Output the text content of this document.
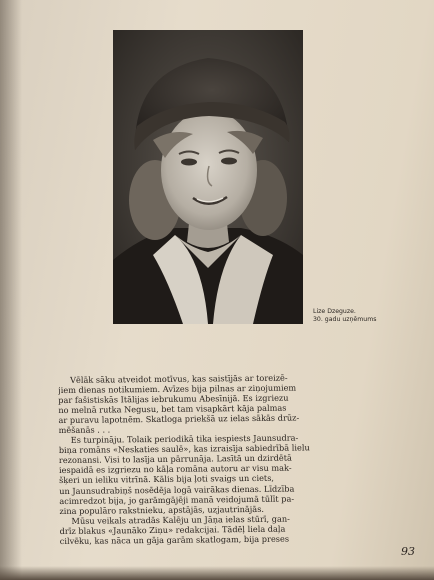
Lize Dzeguze.
30. gadu uzņēmums
Vēlāk sāku atveidot motīvus, kas saistījās ar toreizē-
jiem dienas notikumiem. Avīzes bija pilnas ar ziņojumiem
par fašistiskās Itālijas iebrukumu Abesīnijā. Es izgriezu
no melnā rutka Negusu, bet tam visapkārt kāja palmas
ar puravu lapotnēm. Skatloga priekšā uz ielas sākās drūz-
mēšanās . . .
Es turpināju. Tolaik periodikā tika iespiests Jaunsudra-
biņa romāns «Neskaties saulē», kas izraisīja sabiedrībā lielu
rezonansi. Visi to lasīja un pārrunāja. Lasītā un dzirdētā
iespaidā es izgriezu no kāļa romāna autoru ar visu mak-
šķeri un ieliku vitrīnā. Kālis bija ļoti svaigs un ciets,
un Jaunsudrabiņš nosēdēja logā vairākas dienas. Līdzība
acimredzot bija, jo garāmgājēji manā veidojumā tūlīt pa-
zina populāro rakstnieku, apstājās, uzjautrinājās.
Mūsu veikals atradās Kalēju un Jāņa ielas stūrī, gan-
drīz blakus «Jaunāko Ziņu» redakcijai. Tādēļ liela daļa
cilvēku, kas nāca un gāja garām skatlogam, bija preses
93
